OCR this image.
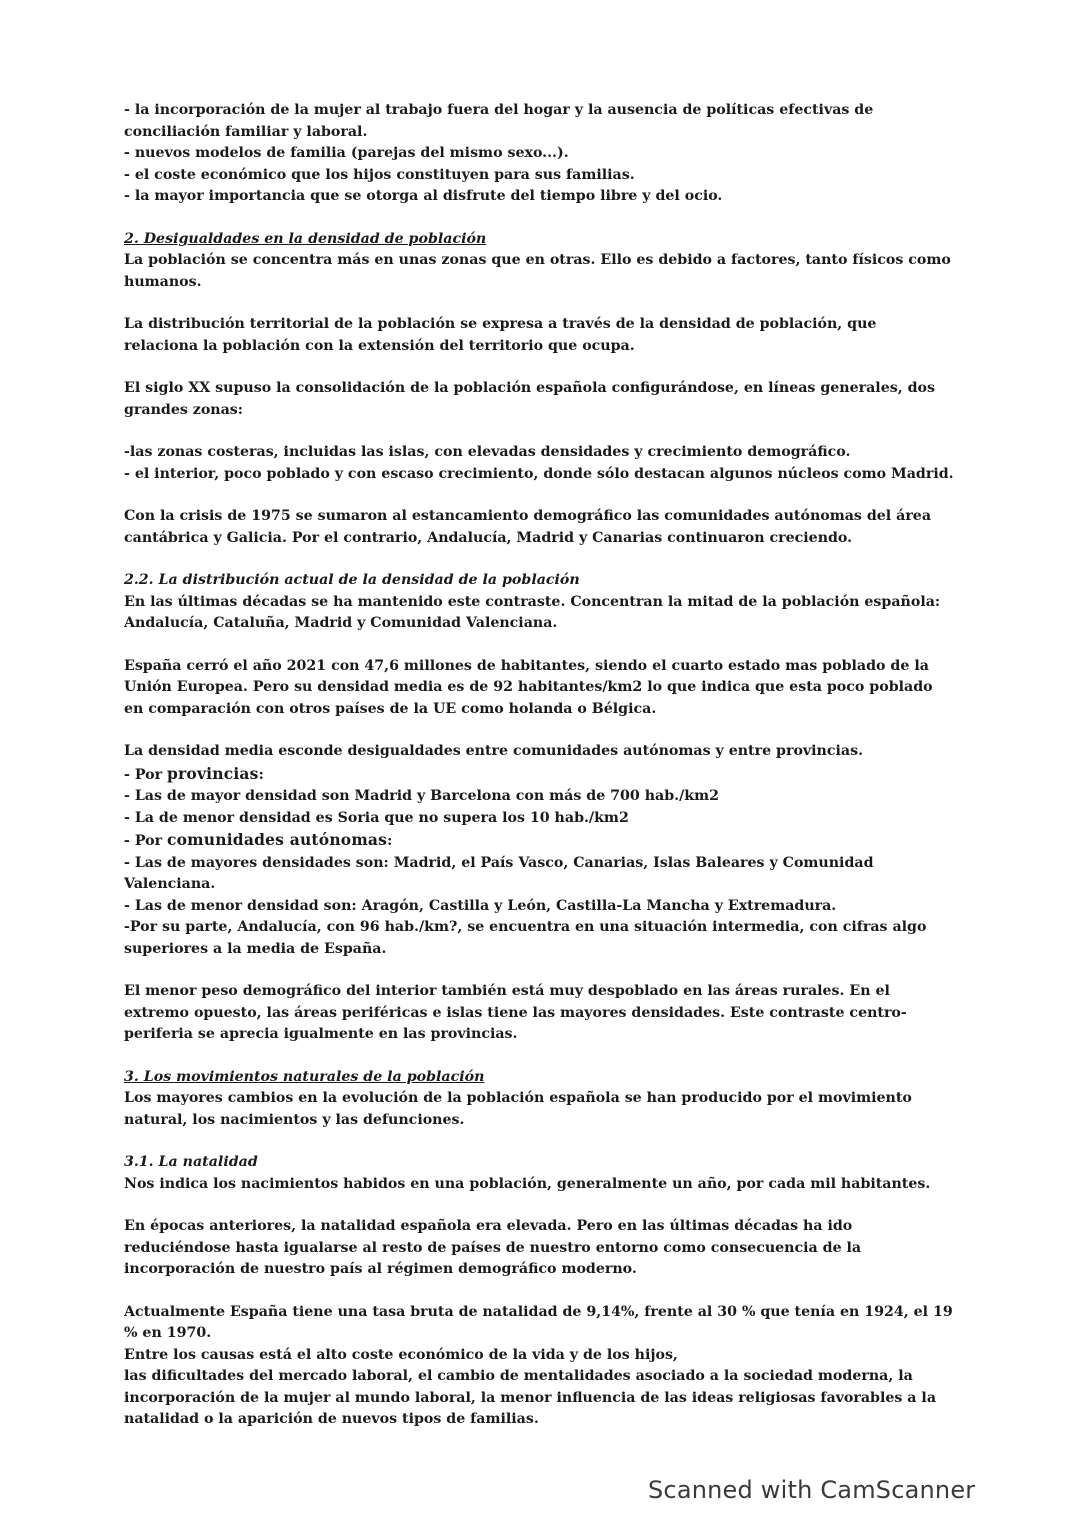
- la incorporación de la mujer al trabajo fuera del hogar y la ausencia de políticas efectivas de conciliación familiar y laboral.

- nuevos modelos de familia (parejas del mismo sexo...).

- el coste económico que los hijos constituyen para sus familias.

- la mayor importancia que se otorga al disfrute del tiempo libre y del ocio.

2. Desigualdades en la densidad de población

La población se concentra más en unas zonas que en otras. Ello es debido a factores, tanto físicos como humanos.

La distribución territorial de la población se expresa a través de la densidad de población, que relaciona la población con la extensión del territorio que ocupa.

El siglo XX supuso la consolidación de la población española configurándose, en líneas generales, dos grandes zonas:

-las zonas costeras, incluidas las islas, con elevadas densidades y crecimiento demográfico.

- el interior, poco poblado y con escaso crecimiento, donde sólo destacan algunos núcleos como Madrid.

Con la crisis de 1975 se sumaron al estancamiento demográfico las comunidades autónomas del área cantábrica y Galicia. Por el contrario, Andalucía, Madrid y Canarias continuaron creciendo.

2.2. La distribución actual de la densidad de la población

En las últimas décadas se ha mantenido este contraste. Concentran la mitad de la población española: Andalucía, Cataluña, Madrid y Comunidad Valenciana.

España cerró el año 2021 con 47,6 millones de habitantes, siendo el cuarto estado mas poblado de la Unión Europea. Pero su densidad media es de 92 habitantes/km2 lo que indica que esta poco poblado en comparación con otros países de la UE como holanda o Bélgica.

La densidad media esconde desigualdades entre comunidades autónomas y entre provincias.

- Por provincias:

- Las de mayor densidad son Madrid y Barcelona con más de 700 hab./km2

- La de menor densidad es Soria que no supera los 10 hab./km2

- Por comunidades autónomas:

- Las de mayores densidades son: Madrid, el País Vasco, Canarias, Islas Baleares y Comunidad Valenciana.

- Las de menor densidad son: Aragón, Castilla y León, Castilla-La Mancha y Extremadura.

-Por su parte, Andalucía, con 96 hab./km?, se encuentra en una situación intermedia, con cifras algo superiores a la media de España.

El menor peso demográfico del interior también está muy despoblado en las áreas rurales. En el extremo opuesto, las áreas periféricas e islas tiene las mayores densidades. Este contraste centro-periferia se aprecia igualmente en las provincias.

3. Los movimientos naturales de la población

Los mayores cambios en la evolución de la población española se han producido por el movimiento natural, los nacimientos y las defunciones.

3.1. La natalidad

Nos indica los nacimientos habidos en una población, generalmente un año, por cada mil habitantes.

En épocas anteriores, la natalidad española era elevada. Pero en las últimas décadas ha ido reduciéndose hasta igualarse al resto de países de nuestro entorno como consecuencia de la incorporación de nuestro país al régimen demográfico moderno.

Actualmente España tiene una tasa bruta de natalidad de 9,14%, frente al 30 % que tenía en 1924, el 19 % en 1970.

Entre los causas está el alto coste económico de la vida y de los hijos,

las dificultades del mercado laboral, el cambio de mentalidades asociado a la sociedad moderna, la incorporación de la mujer al mundo laboral, la menor influencia de las ideas religiosas favorables a la natalidad o la aparición de nuevos tipos de familias.

Scanned with CamScanner
